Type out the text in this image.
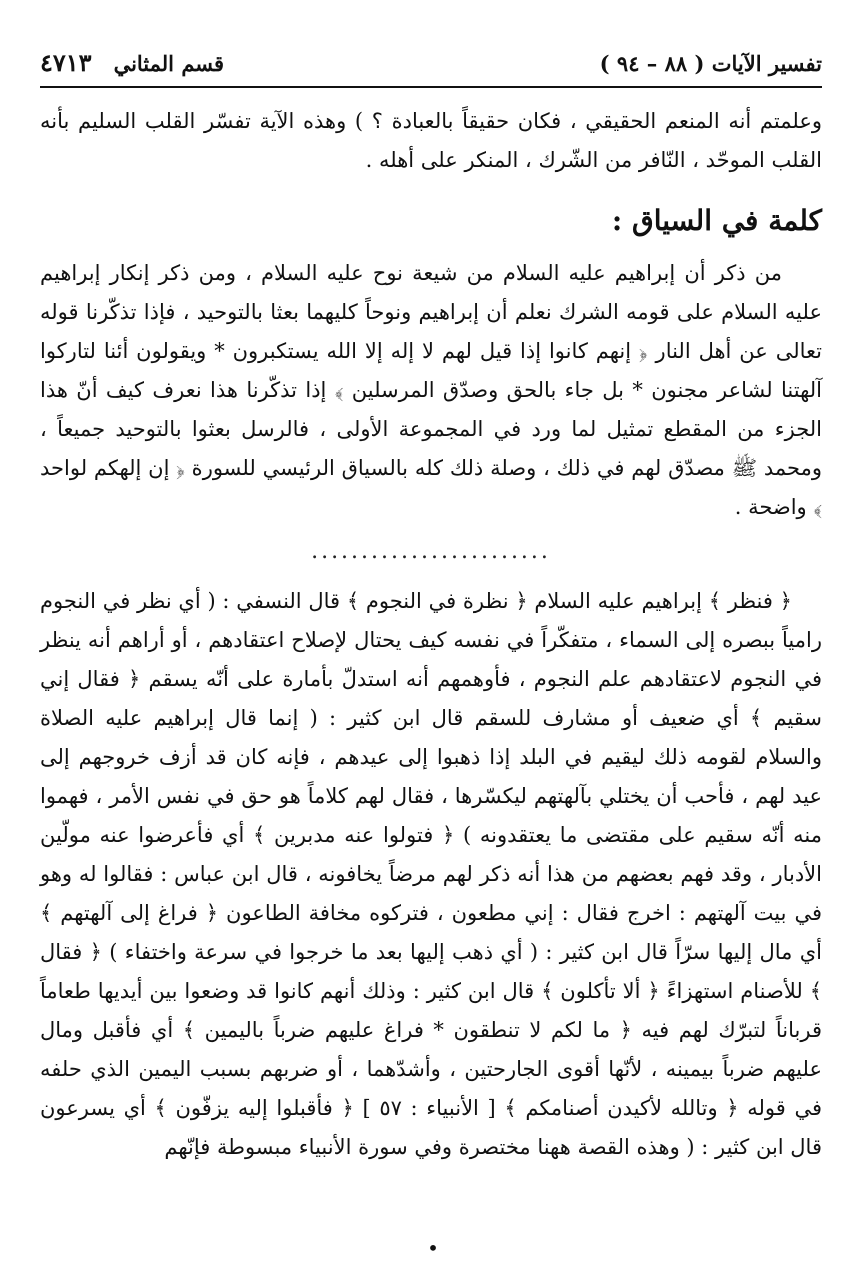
تفسير الآيات ( ٨٨ – ٩٤ )
قسم المثاني
٤٧١٣

وعلمتم أنه المنعم الحقيقي ، فكان حقيقاً بالعبادة ؟ ) وهذه الآية تفسّر القلب السليم بأنه القلب الموحّد ، النّافر من الشّرك ، المنكر على أهله .

كلمة في السياق :

من ذكر أن إبراهيم عليه السلام من شيعة نوح عليه السلام ، ومن ذكر إنكار إبراهيم عليه السلام على قومه الشرك نعلم أن إبراهيم ونوحاً كليهما بعثا بالتوحيد ، فإذا تذكّرنا قوله تعالى عن أهل النار ﴿ إنهم كانوا إذا قيل لهم لا إله إلا الله يستكبرون * ويقولون أئنا لتاركوا آلهتنا لشاعر مجنون * بل جاء بالحق وصدّق المرسلين ﴾ إذا تذكّرنا هذا نعرف كيف أنّ هذا الجزء من المقطع تمثيل لما ورد في المجموعة الأولى ، فالرسل بعثوا بالتوحيد جميعاً ، ومحمد ﷺ مصدّق لهم في ذلك ، وصلة ذلك كله بالسياق الرئيسي للسورة ﴿ إن إلهكم لواحد ﴾ واضحة .

........................

﴿ فنظر ﴾ إبراهيم عليه السلام ﴿ نظرة في النجوم ﴾ قال النسفي : ( أي نظر في النجوم رامياً ببصره إلى السماء ، متفكّراً في نفسه كيف يحتال لإصلاح اعتقادهم ، أو أراهم أنه ينظر في النجوم لاعتقادهم علم النجوم ، فأوهمهم أنه استدلّ بأمارة على أنّه يسقم ﴿ فقال إني سقيم ﴾ أي ضعيف أو مشارف للسقم قال ابن كثير : ( إنما قال إبراهيم عليه الصلاة والسلام لقومه ذلك ليقيم في البلد إذا ذهبوا إلى عيدهم ، فإنه كان قد أزف خروجهم إلى عيد لهم ، فأحب أن يختلي بآلهتهم ليكسّرها ، فقال لهم كلاماً هو حق في نفس الأمر ، فهموا منه أنّه سقيم على مقتضى ما يعتقدونه ) ﴿ فتولوا عنه مدبرين ﴾ أي فأعرضوا عنه مولّين الأدبار ، وقد فهم بعضهم من هذا أنه ذكر لهم مرضاً يخافونه ، قال ابن عباس : فقالوا له وهو في بيت آلهتهم : اخرج فقال : إني مطعون ، فتركوه مخافة الطاعون ﴿ فراغ إلى آلهتهم ﴾ أي مال إليها سرّاً قال ابن كثير : ( أي ذهب إليها بعد ما خرجوا في سرعة واختفاء ) ﴿ فقال ﴾ للأصنام استهزاءً ﴿ ألا تأكلون ﴾ قال ابن كثير : وذلك أنهم كانوا قد وضعوا بين أيديها طعاماً قرباناً لتبرّك لهم فيه ﴿ ما لكم لا تنطقون * فراغ عليهم ضرباً باليمين ﴾ أي فأقبل ومال عليهم ضرباً بيمينه ، لأنّها أقوى الجارحتين ، وأشدّهما ، أو ضربهم بسبب اليمين الذي حلفه في قوله ﴿ وتالله لأكيدن أصنامكم ﴾ [ الأنبياء : ٥٧ ] ﴿ فأقبلوا إليه يزفّون ﴾ أي يسرعون قال ابن كثير : ( وهذه القصة ههنا مختصرة وفي سورة الأنبياء مبسوطة فإنّهم

•
